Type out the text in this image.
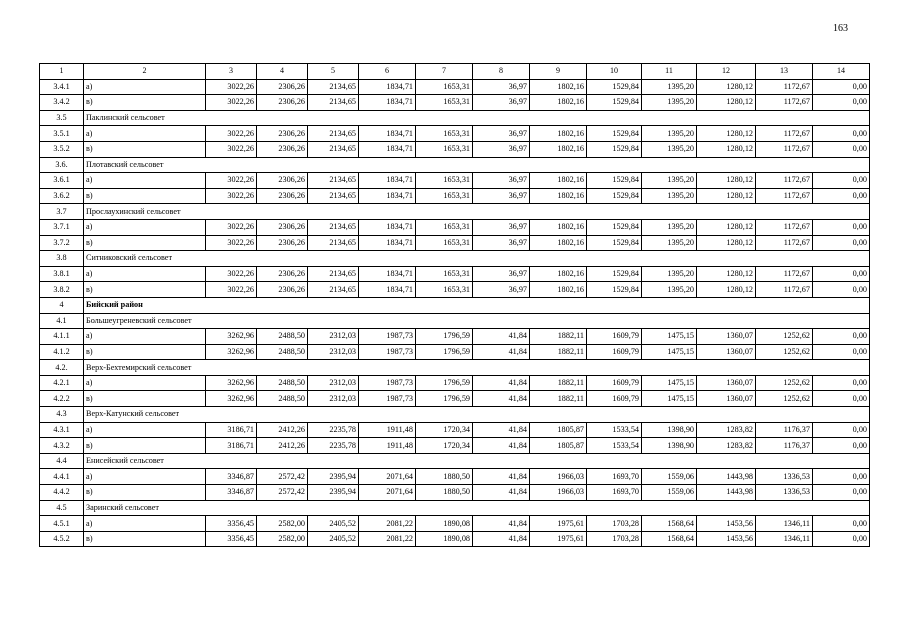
163
1	2	3	4	5	6	7	8	9	10	11	12	13	14
3.4.1	а)	3022,26	2306,26	2134,65	1834,71	1653,31	36,97	1802,16	1529,84	1395,20	1280,12	1172,67	0,00
3.4.2	в)	3022,26	2306,26	2134,65	1834,71	1653,31	36,97	1802,16	1529,84	1395,20	1280,12	1172,67	0,00
3.5	Паклинский сельсовет												
3.5.1	а)	3022,26	2306,26	2134,65	1834,71	1653,31	36,97	1802,16	1529,84	1395,20	1280,12	1172,67	0,00
3.5.2	в)	3022,26	2306,26	2134,65	1834,71	1653,31	36,97	1802,16	1529,84	1395,20	1280,12	1172,67	0,00
3.6.	Плотавский сельсовет												
3.6.1	а)	3022,26	2306,26	2134,65	1834,71	1653,31	36,97	1802,16	1529,84	1395,20	1280,12	1172,67	0,00
3.6.2	в)	3022,26	2306,26	2134,65	1834,71	1653,31	36,97	1802,16	1529,84	1395,20	1280,12	1172,67	0,00
3.7	Прослаухинский сельсовет												
3.7.1	а)	3022,26	2306,26	2134,65	1834,71	1653,31	36,97	1802,16	1529,84	1395,20	1280,12	1172,67	0,00
3.7.2	в)	3022,26	2306,26	2134,65	1834,71	1653,31	36,97	1802,16	1529,84	1395,20	1280,12	1172,67	0,00
3.8	Ситниковский сельсовет												
3.8.1	а)	3022,26	2306,26	2134,65	1834,71	1653,31	36,97	1802,16	1529,84	1395,20	1280,12	1172,67	0,00
3.8.2	в)	3022,26	2306,26	2134,65	1834,71	1653,31	36,97	1802,16	1529,84	1395,20	1280,12	1172,67	0,00
4	Бийский район												
4.1	Большеугреневский сельсовет												
4.1.1	а)	3262,96	2488,50	2312,03	1987,73	1796,59	41,84	1882,11	1609,79	1475,15	1360,07	1252,62	0,00
4.1.2	в)	3262,96	2488,50	2312,03	1987,73	1796,59	41,84	1882,11	1609,79	1475,15	1360,07	1252,62	0,00
4.2.	Верх-Бехтемирский сельсовет												
4.2.1	а)	3262,96	2488,50	2312,03	1987,73	1796,59	41,84	1882,11	1609,79	1475,15	1360,07	1252,62	0,00
4.2.2	в)	3262,96	2488,50	2312,03	1987,73	1796,59	41,84	1882,11	1609,79	1475,15	1360,07	1252,62	0,00
4.3	Верх-Катунский сельсовет												
4.3.1	а)	3186,71	2412,26	2235,78	1911,48	1720,34	41,84	1805,87	1533,54	1398,90	1283,82	1176,37	0,00
4.3.2	в)	3186,71	2412,26	2235,78	1911,48	1720,34	41,84	1805,87	1533,54	1398,90	1283,82	1176,37	0,00
4.4	Енисейский сельсовет												
4.4.1	а)	3346,87	2572,42	2395,94	2071,64	1880,50	41,84	1966,03	1693,70	1559,06	1443,98	1336,53	0,00
4.4.2	в)	3346,87	2572,42	2395,94	2071,64	1880,50	41,84	1966,03	1693,70	1559,06	1443,98	1336,53	0,00
4.5	Заринский сельсовет												
4.5.1	а)	3356,45	2582,00	2405,52	2081,22	1890,08	41,84	1975,61	1703,28	1568,64	1453,56	1346,11	0,00
4.5.2	в)	3356,45	2582,00	2405,52	2081,22	1890,08	41,84	1975,61	1703,28	1568,64	1453,56	1346,11	0,00
